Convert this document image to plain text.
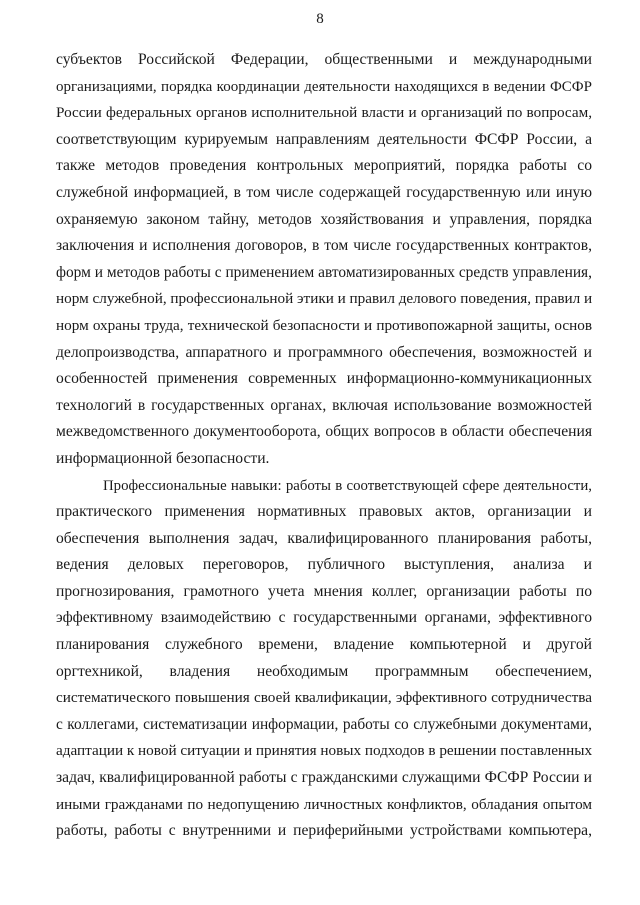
8

субъектов Российской Федерации, общественными и международными
организациями, порядка координации деятельности находящихся в ведении ФСФР
России федеральных органов исполнительной власти и организаций по вопросам,
соответствующим курируемым направлениям деятельности ФСФР России, а
также методов проведения контрольных мероприятий, порядка работы со
служебной информацией, в том числе содержащей государственную или иную
охраняемую законом тайну, методов хозяйствования и управления, порядка
заключения и исполнения договоров, в том числе государственных контрактов,
форм и методов работы с применением автоматизированных средств управления,
норм служебной, профессиональной этики и правил делового поведения, правил и
норм охраны труда, технической безопасности и противопожарной защиты, основ
делопроизводства, аппаратного и программного обеспечения, возможностей и
особенностей применения современных информационно-коммуникационных
технологий в государственных органах, включая использование возможностей
межведомственного документооборота, общих вопросов в области обеспечения
информационной безопасности.

Профессиональные навыки: работы в соответствующей сфере деятельности,
практического применения нормативных правовых актов, организации и
обеспечения выполнения задач, квалифицированного планирования работы,
ведения деловых переговоров, публичного выступления, анализа и
прогнозирования, грамотного учета мнения коллег, организации работы по
эффективному взаимодействию с государственными органами, эффективного
планирования служебного времени, владение компьютерной и другой
оргтехникой, владения необходимым программным обеспечением,
систематического повышения своей квалификации, эффективного сотрудничества
с коллегами, систематизации информации, работы со служебными документами,
адаптации к новой ситуации и принятия новых подходов в решении поставленных
задач, квалифицированной работы с гражданскими служащими ФСФР России и
иными гражданами по недопущению личностных конфликтов, обладания опытом
работы, работы с внутренними и периферийными устройствами компьютера,
